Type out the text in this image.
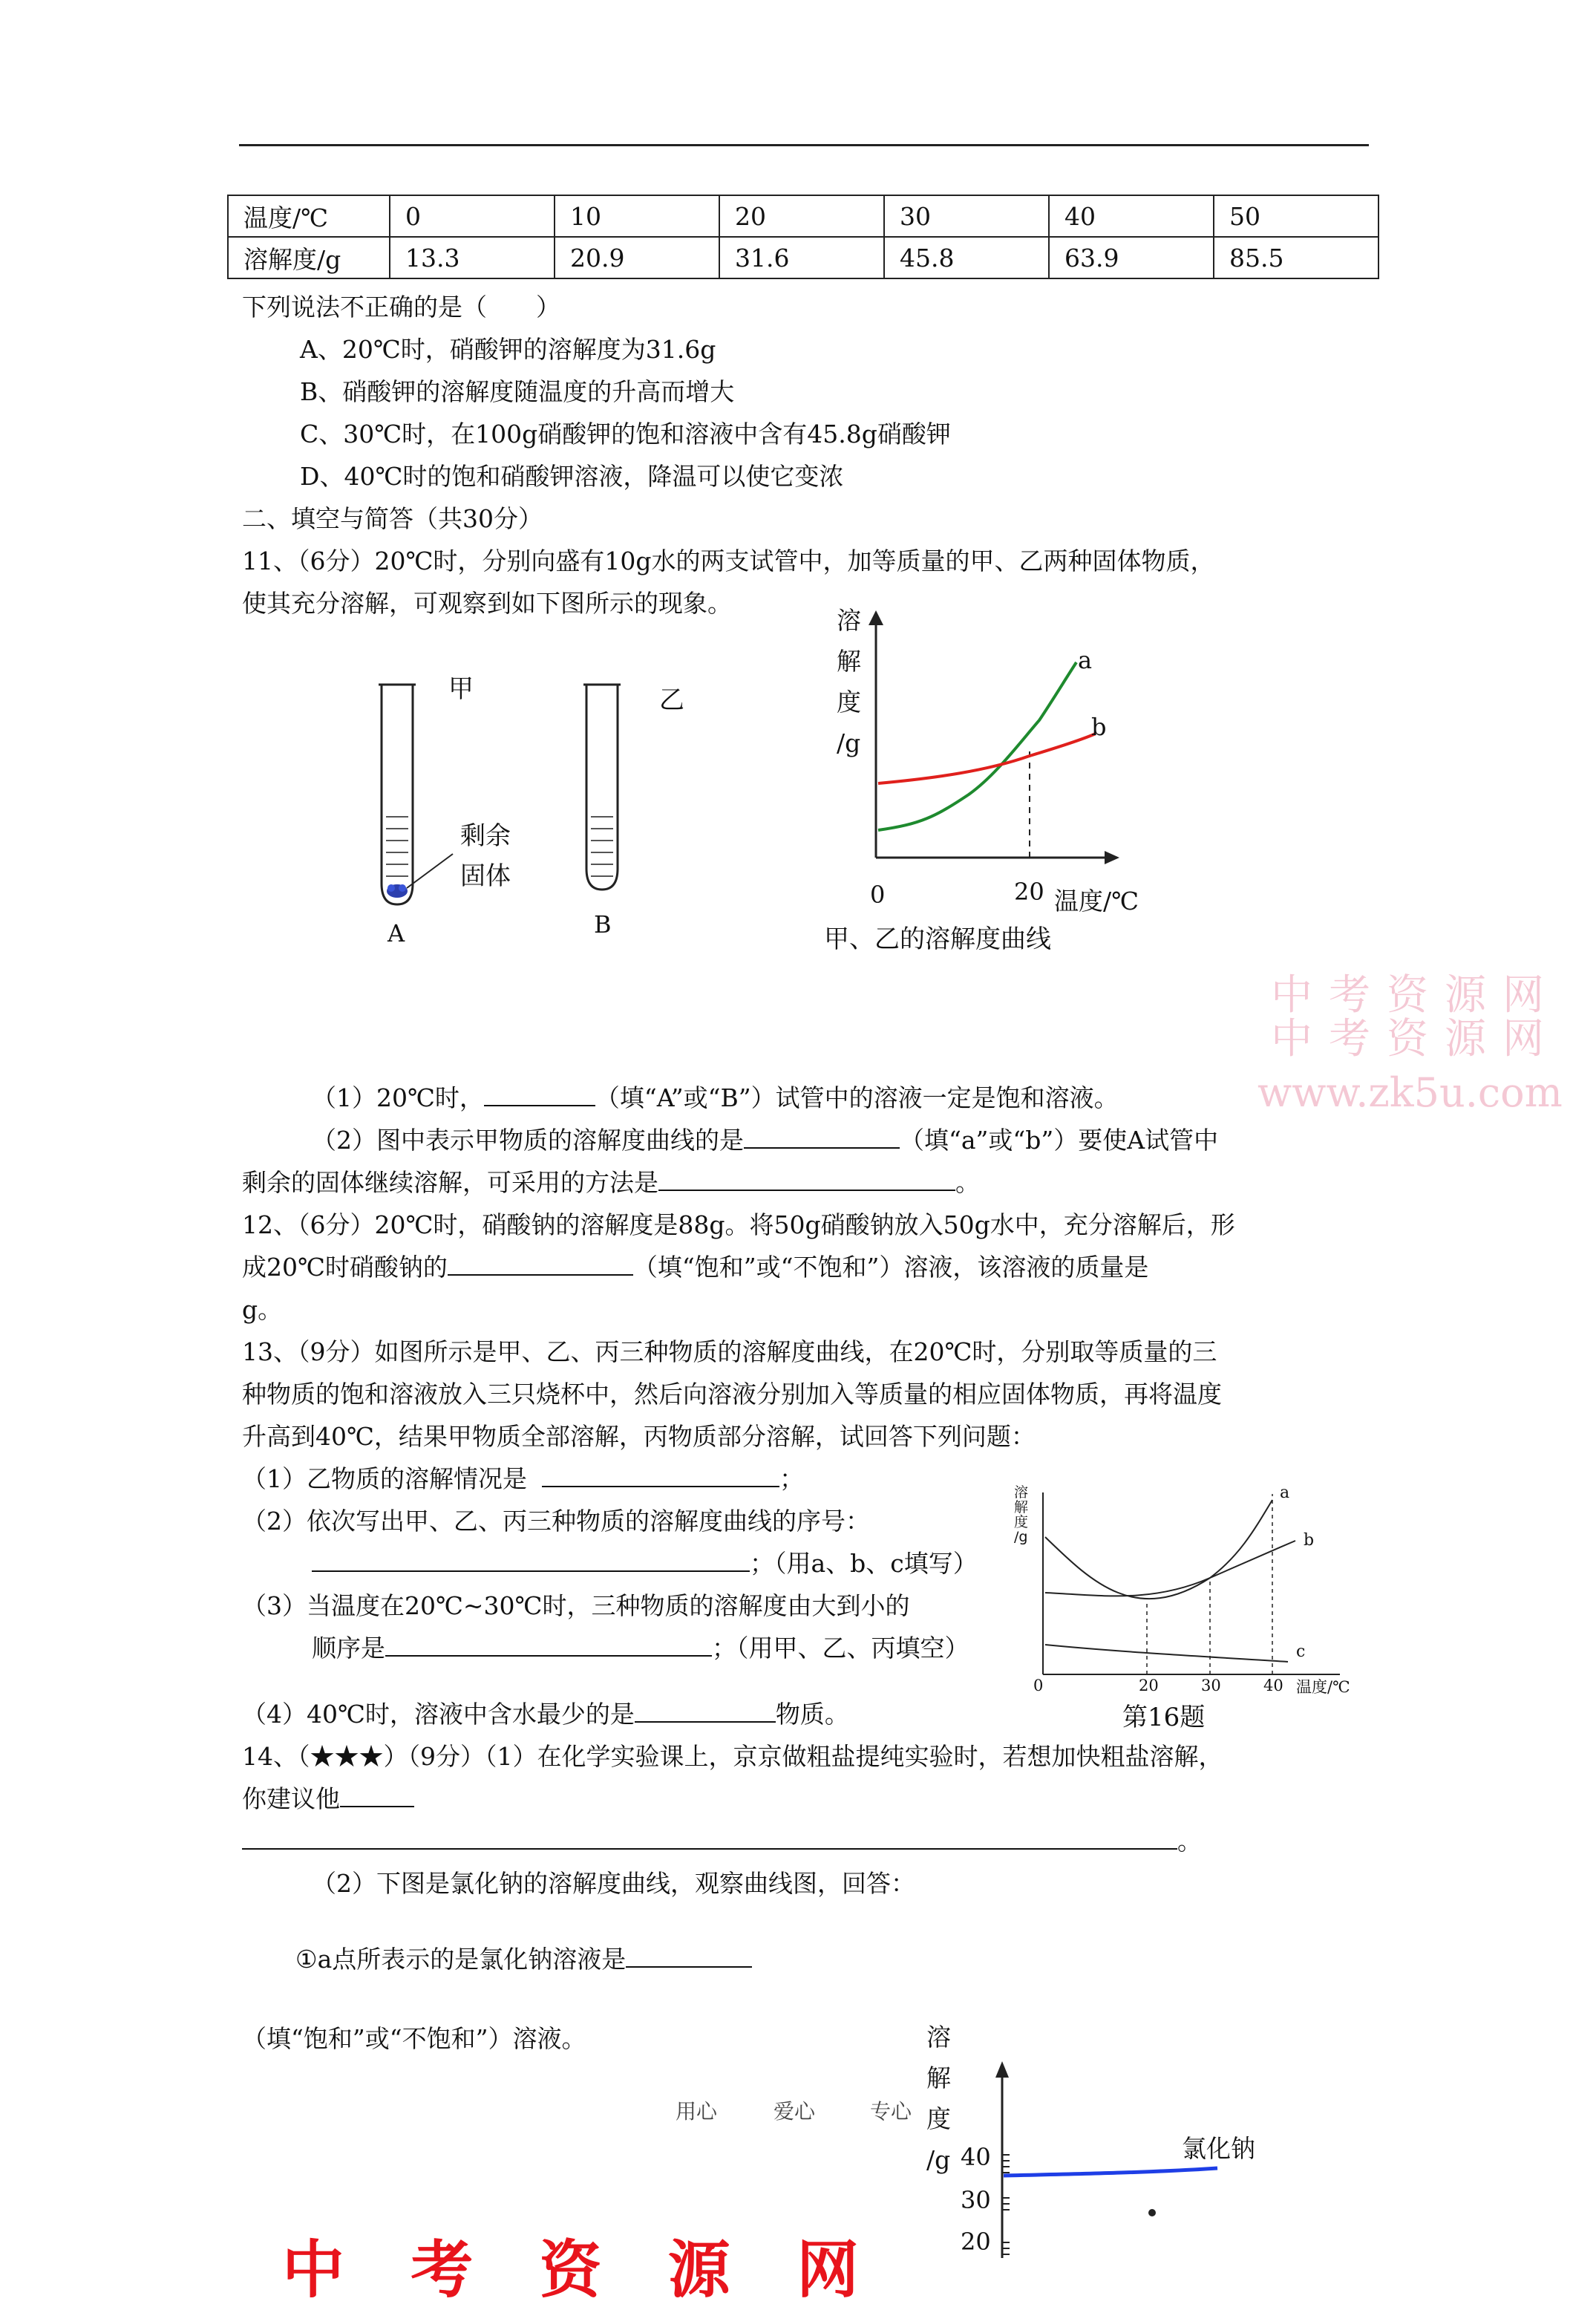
温度/℃	0	10	20	30	40	50
溶解度/g	13.3	20.9	31.6	45.8	63.9	85.5
下列说法不正确的是（　　）
A、20℃时，硝酸钾的溶解度为31.6g
B、硝酸钾的溶解度随温度的升高而增大
C、30℃时，在100g硝酸钾的饱和溶液中含有45.8g硝酸钾
D、40℃时的饱和硝酸钾溶液，降温可以使它变浓
二、填空与简答（共30分）
11、（6分）20℃时，分别向盛有10g水的两支试管中，加等质量的甲、乙两种固体物质，
使其充分溶解，可观察到如下图所示的现象。
甲	乙
剩余
固体
A	B
溶
解
度
/g
a
b
0	20 温度/℃
甲、乙的溶解度曲线
中考资源网
中考资源网
www.zk5u.com
（1）20℃时，	（填“A”或“B”）试管中的溶液一定是饱和溶液。
（2）图中表示甲物质的溶解度曲线的是	（填“a”或“b”）要使A试管中
剩余的固体继续溶解，可采用的方法是	。
12、（6分）20℃时，硝酸钠的溶解度是88g。将50g硝酸钠放入50g水中，充分溶解后，形
成20℃时硝酸钠的	（填“饱和”或“不饱和”）溶液，该溶液的质量是
g。
13、（9分）如图所示是甲、乙、丙三种物质的溶解度曲线，在20℃时，分别取等质量的三
种物质的饱和溶液放入三只烧杯中，然后向溶液分别加入等质量的相应固体物质，再将温度
升高到40℃，结果甲物质全部溶解，丙物质部分溶解，试回答下列问题：
（1）乙物质的溶解情况是	；
（2）依次写出甲、乙、丙三种物质的溶解度曲线的序号：
；（用a、b、c填写）
（3）当温度在20℃~30℃时，三种物质的溶解度由大到小的
顺序是	；（用甲、乙、丙填空）
（4）40℃时，溶液中含水最少的是	物质。
溶
解
度
/g
a
b
c
0	20	30	40 温度/℃
第16题
14、（★★★）（9分）（1）在化学实验课上，京京做粗盐提纯实验时，若想加快粗盐溶解，
你建议他
。
（2）下图是氯化钠的溶解度曲线，观察曲线图，回答：
①a点所表示的是氯化钠溶液是
（填“饱和”或“不饱和”）溶液。
用心	爱心	专心
溶
解
度
/g 40
30
20
氯化钠
中 考 资 源 网
